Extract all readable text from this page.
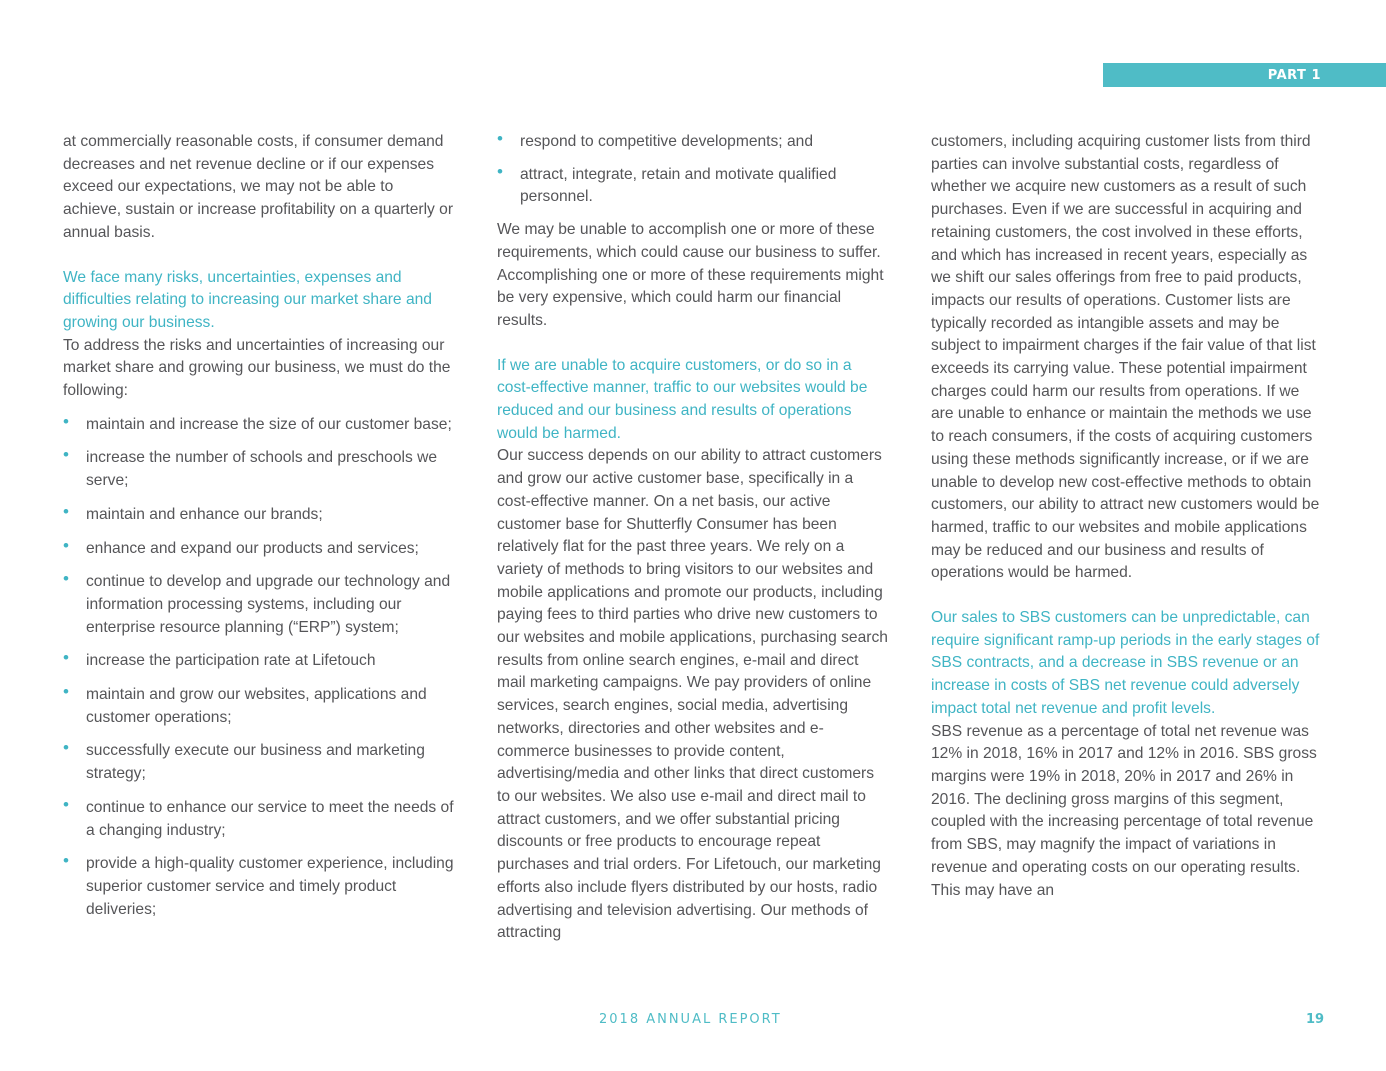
PART 1

at commercially reasonable costs, if consumer demand decreases and net revenue decline or if our expenses exceed our expectations, we may not be able to achieve, sustain or increase profitability on a quarterly or annual basis.

We face many risks, uncertainties, expenses and difficulties relating to increasing our market share and growing our business.

To address the risks and uncertainties of increasing our market share and growing our business, we must do the following:

• maintain and increase the size of our customer base;
• increase the number of schools and preschools we serve;
• maintain and enhance our brands;
• enhance and expand our products and services;
• continue to develop and upgrade our technology and information processing systems, including our enterprise resource planning (“ERP”) system;
• increase the participation rate at Lifetouch
• maintain and grow our websites, applications and customer operations;
• successfully execute our business and marketing strategy;
• continue to enhance our service to meet the needs of a changing industry;
• provide a high-quality customer experience, including superior customer service and timely product deliveries;
• respond to competitive developments; and
• attract, integrate, retain and motivate qualified personnel.

We may be unable to accomplish one or more of these requirements, which could cause our business to suffer. Accomplishing one or more of these requirements might be very expensive, which could harm our financial results.

If we are unable to acquire customers, or do so in a cost-effective manner, traffic to our websites would be reduced and our business and results of operations would be harmed.

Our success depends on our ability to attract customers and grow our active customer base, specifically in a cost-effective manner. On a net basis, our active customer base for Shutterfly Consumer has been relatively flat for the past three years. We rely on a variety of methods to bring visitors to our websites and mobile applications and promote our products, including paying fees to third parties who drive new customers to our websites and mobile applications, purchasing search results from online search engines, e-mail and direct mail marketing campaigns. We pay providers of online services, search engines, social media, advertising networks, directories and other websites and e-commerce businesses to provide content, advertising/media and other links that direct customers to our websites. We also use e-mail and direct mail to attract customers, and we offer substantial pricing discounts or free products to encourage repeat purchases and trial orders. For Lifetouch, our marketing efforts also include flyers distributed by our hosts, radio advertising and television advertising. Our methods of attracting

customers, including acquiring customer lists from third parties can involve substantial costs, regardless of whether we acquire new customers as a result of such purchases. Even if we are successful in acquiring and retaining customers, the cost involved in these efforts, and which has increased in recent years, especially as we shift our sales offerings from free to paid products, impacts our results of operations. Customer lists are typically recorded as intangible assets and may be subject to impairment charges if the fair value of that list exceeds its carrying value. These potential impairment charges could harm our results from operations. If we are unable to enhance or maintain the methods we use to reach consumers, if the costs of acquiring customers using these methods significantly increase, or if we are unable to develop new cost-effective methods to obtain customers, our ability to attract new customers would be harmed, traffic to our websites and mobile applications may be reduced and our business and results of operations would be harmed.

Our sales to SBS customers can be unpredictable, can require significant ramp-up periods in the early stages of SBS contracts, and a decrease in SBS revenue or an increase in costs of SBS net revenue could adversely impact total net revenue and profit levels.

SBS revenue as a percentage of total net revenue was 12% in 2018, 16% in 2017 and 12% in 2016. SBS gross margins were 19% in 2018, 20% in 2017 and 26% in 2016. The declining gross margins of this segment, coupled with the increasing percentage of total revenue from SBS, may magnify the impact of variations in revenue and operating costs on our operating results. This may have an

2018 ANNUAL REPORT	19
